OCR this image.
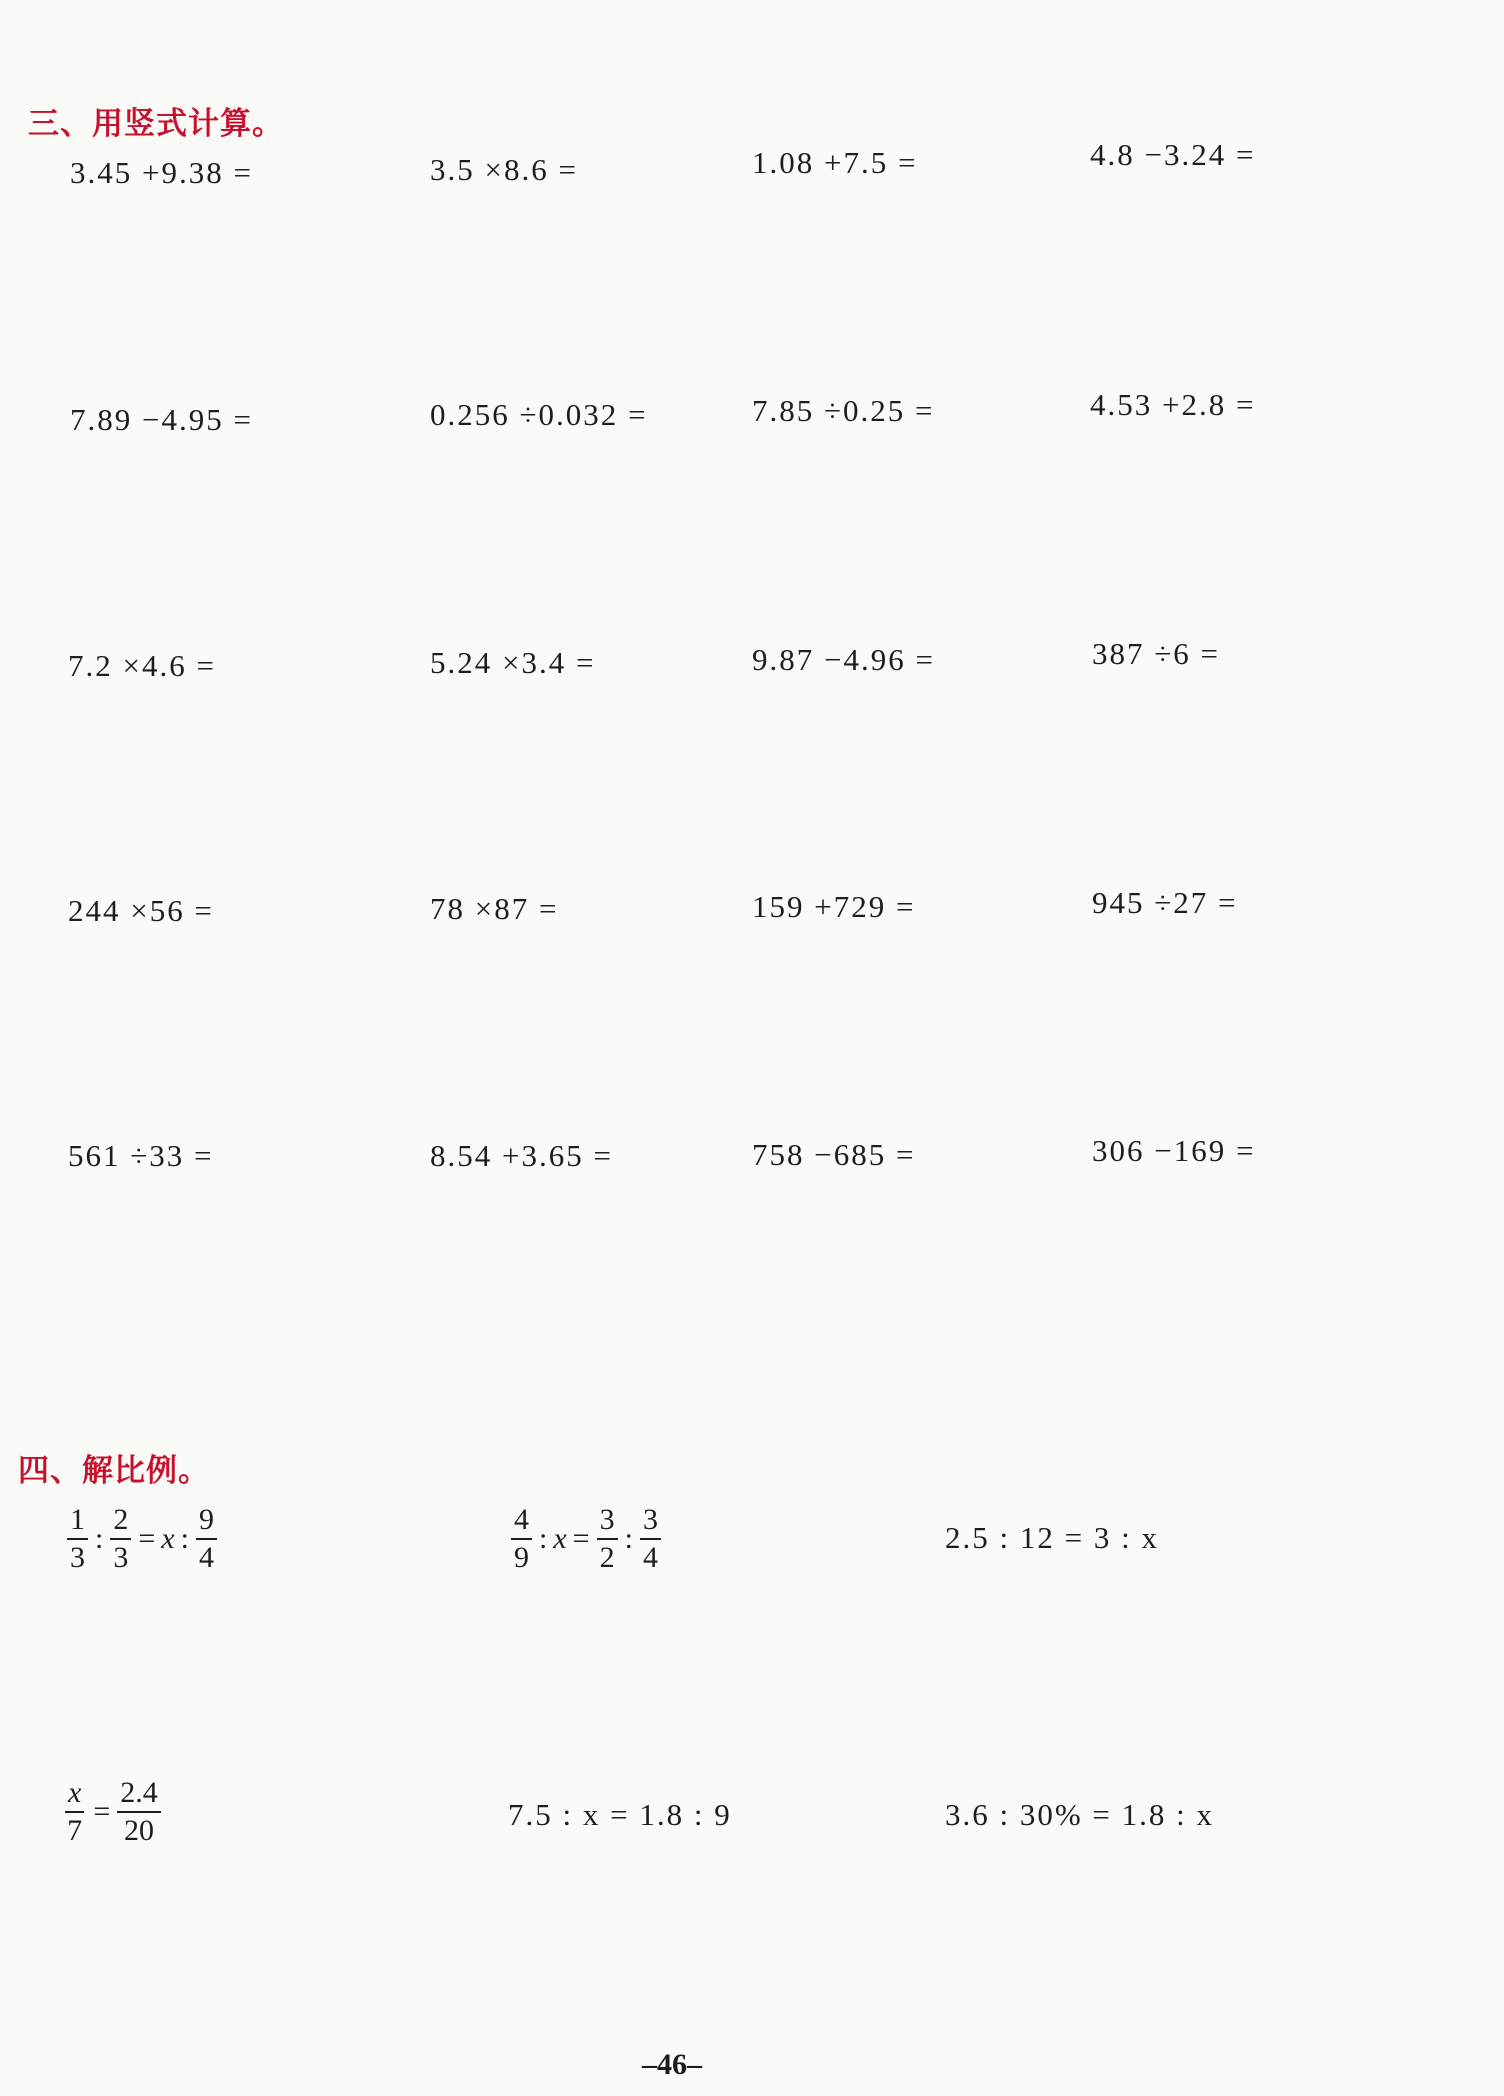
三、用竖式计算。
3.45 +9.38 =	3.5 ×8.6 =	1.08 +7.5 =	4.8 −3.24 =
7.89 −4.95 =	0.256 ÷0.032 =	7.85 ÷0.25 =	4.53 +2.8 =
7.2 ×4.6 =	5.24 ×3.4 =	9.87 −4.96 =	387 ÷6 =
244 ×56 =	78 ×87 =	159 +729 =	945 ÷27 =
561 ÷33 =	8.54 +3.65 =	758 −685 =	306 −169 =
四、解比例。
$\frac{1}{3}$ : $\frac{2}{3} = x$ : $\frac{9}{4}$	$\frac{4}{9}$ : $x = \frac{3}{2}$ : $\frac{3}{4}$	2.5 : 12 = 3 : x
$\frac{x}{7} = \frac{2.4}{20}$	7.5 : x = 1.8 : 9	3.6 : 30% = 1.8 : x
–46–
